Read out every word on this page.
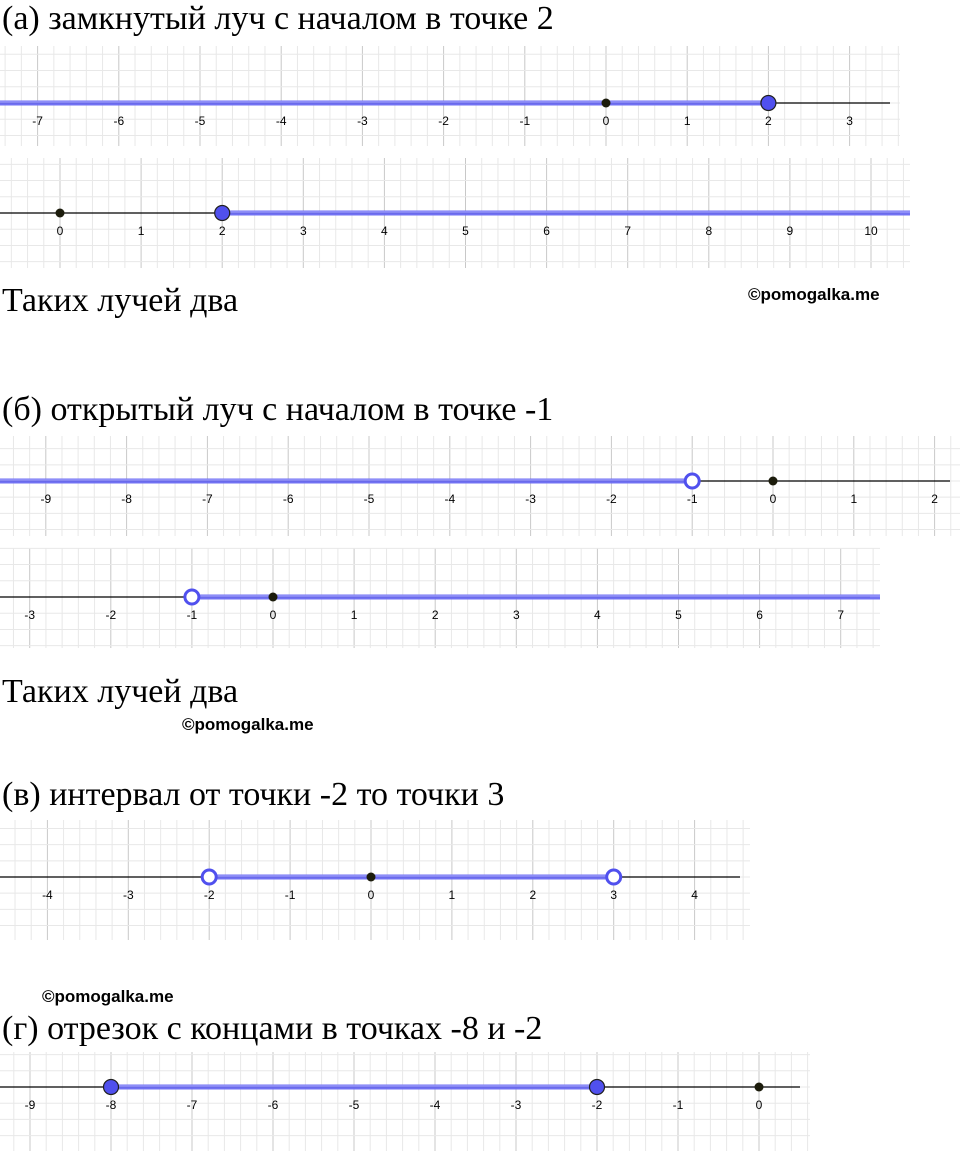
(а) замкнутый луч с началом в точке 2
-7	-6	-5	-4	-3	-2	-1	0	1	2	3
0	1	2	3	4	5	6	7	8	9	10
Таких лучей два	©pomogalka.me
(б) открытый луч с началом в точке -1
-9	-8	-7	-6	-5	-4	-3	-2	-1	0	1	2
-3	-2	-1	0	1	2	3	4	5	6	7
Таких лучей два
©pomogalka.me
(в) интервал от точки -2 то точки 3
-4	-3	-2	-1	0	1	2	3	4
©pomogalka.me
(г) отрезок с концами в точках -8 и -2
-9	-8	-7	-6	-5	-4	-3	-2	-1	0
